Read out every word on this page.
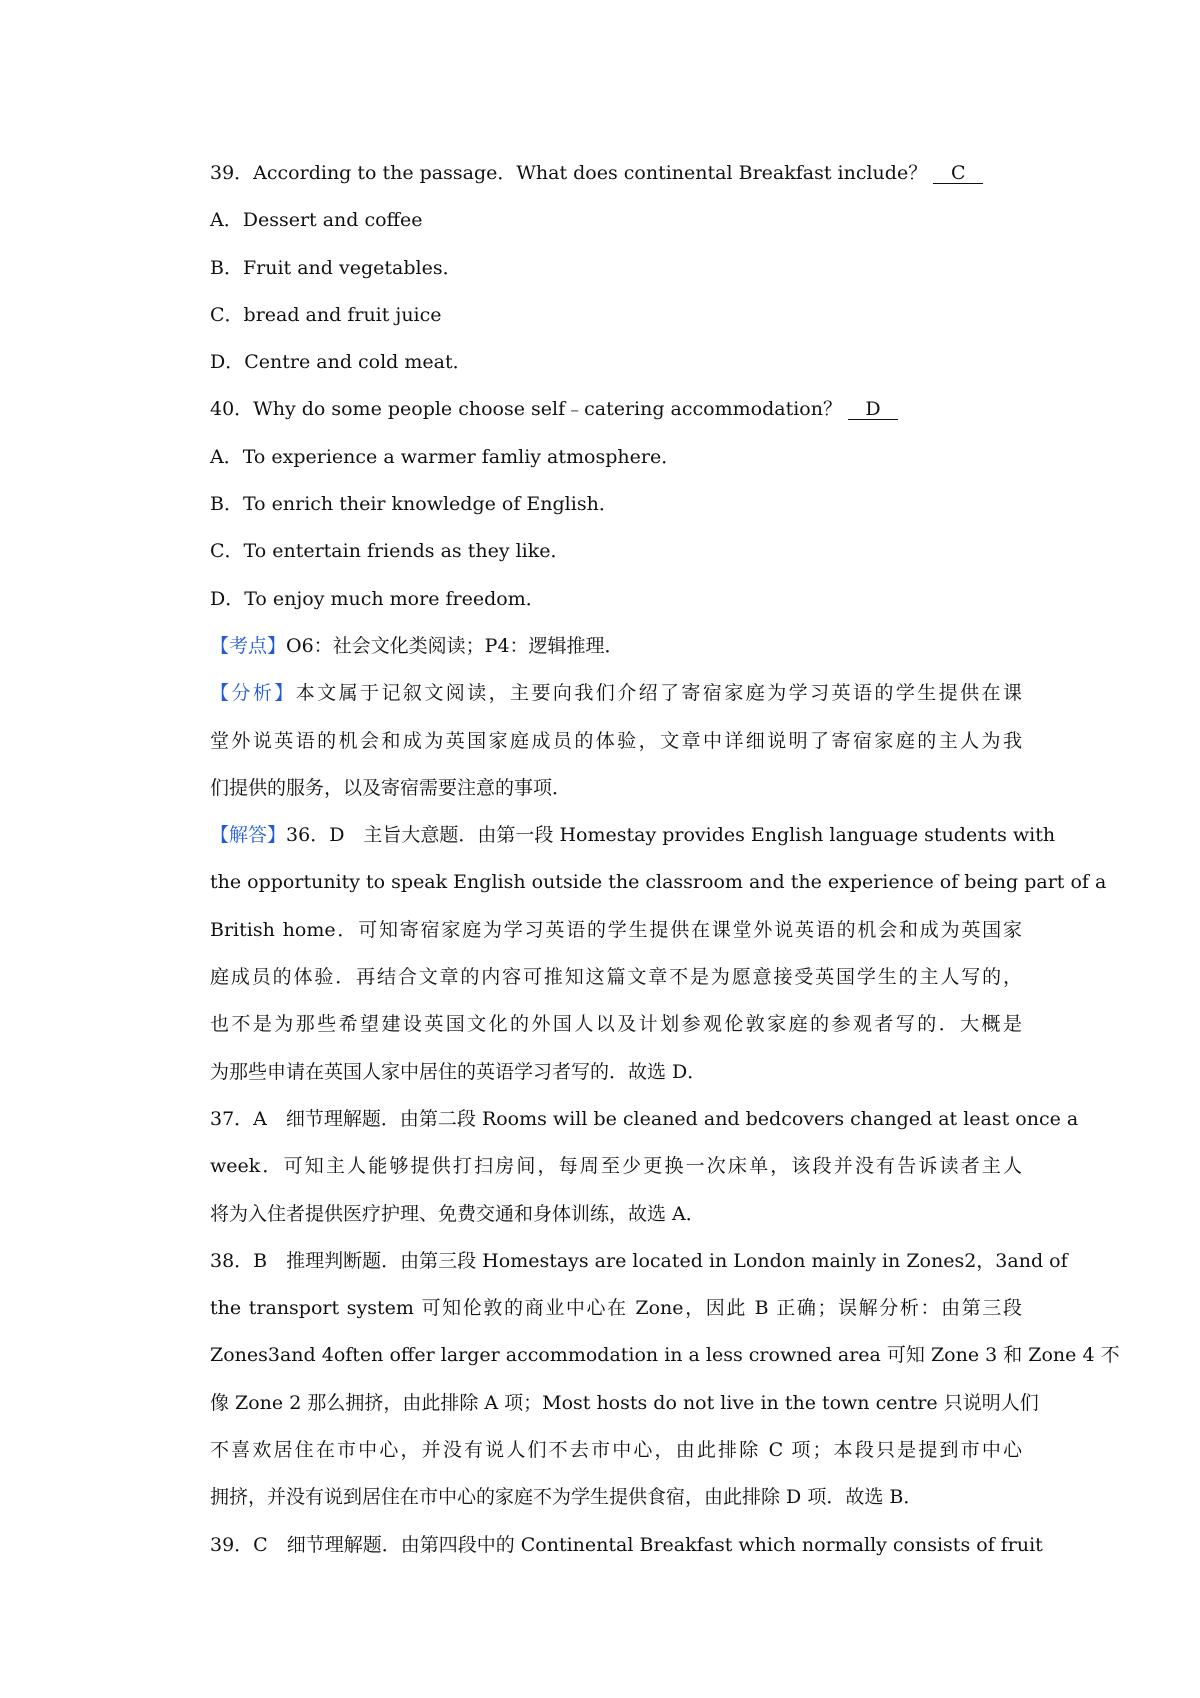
39．According to the passage．What does continental Breakfast include？ C
A．Dessert and coffee
B．Fruit and vegetables．
C．bread and fruit juice
D．Centre and cold meat．
40．Why do some people choose self﹣catering accommodation？ D
A．To experience a warmer famliy atmosphere．
B．To enrich their knowledge of English．
C．To entertain friends as they like．
D．To enjoy much more freedom．
【考点】O6：社会文化类阅读；P4：逻辑推理．
【分析】本文属于记叙文阅读，主要向我们介绍了寄宿家庭为学习英语的学生提供在课
堂外说英语的机会和成为英国家庭成员的体验，文章中详细说明了寄宿家庭的主人为我
们提供的服务，以及寄宿需要注意的事项．
【解答】36．D　主旨大意题．由第一段 Homestay provides English language students with
the opportunity to speak English outside the classroom and the experience of being part of a
British home．可知寄宿家庭为学习英语的学生提供在课堂外说英语的机会和成为英国家
庭成员的体验．再结合文章的内容可推知这篇文章不是为愿意接受英国学生的主人写的，
也不是为那些希望建设英国文化的外国人以及计划参观伦敦家庭的参观者写的．大概是
为那些申请在英国人家中居住的英语学习者写的．故选 D．
37．A　细节理解题．由第二段 Rooms will be cleaned and bedcovers changed at least once a
week．可知主人能够提供打扫房间，每周至少更换一次床单，该段并没有告诉读者主人
将为入住者提供医疗护理、免费交通和身体训练，故选 A．
38．B　推理判断题．由第三段 Homestays are located in London mainly in Zones2，3and of
the transport system 可知伦敦的商业中心在 Zone，因此 B 正确；误解分析：由第三段
Zones3and 4often offer larger accommodation in a less crowned area 可知 Zone 3 和 Zone 4 不
像 Zone 2 那么拥挤，由此排除 A 项；Most hosts do not live in the town centre 只说明人们
不喜欢居住在市中心，并没有说人们不去市中心，由此排除 C 项；本段只是提到市中心
拥挤，并没有说到居住在市中心的家庭不为学生提供食宿，由此排除 D 项．故选 B．
39．C　细节理解题．由第四段中的 Continental Breakfast which normally consists of fruit
